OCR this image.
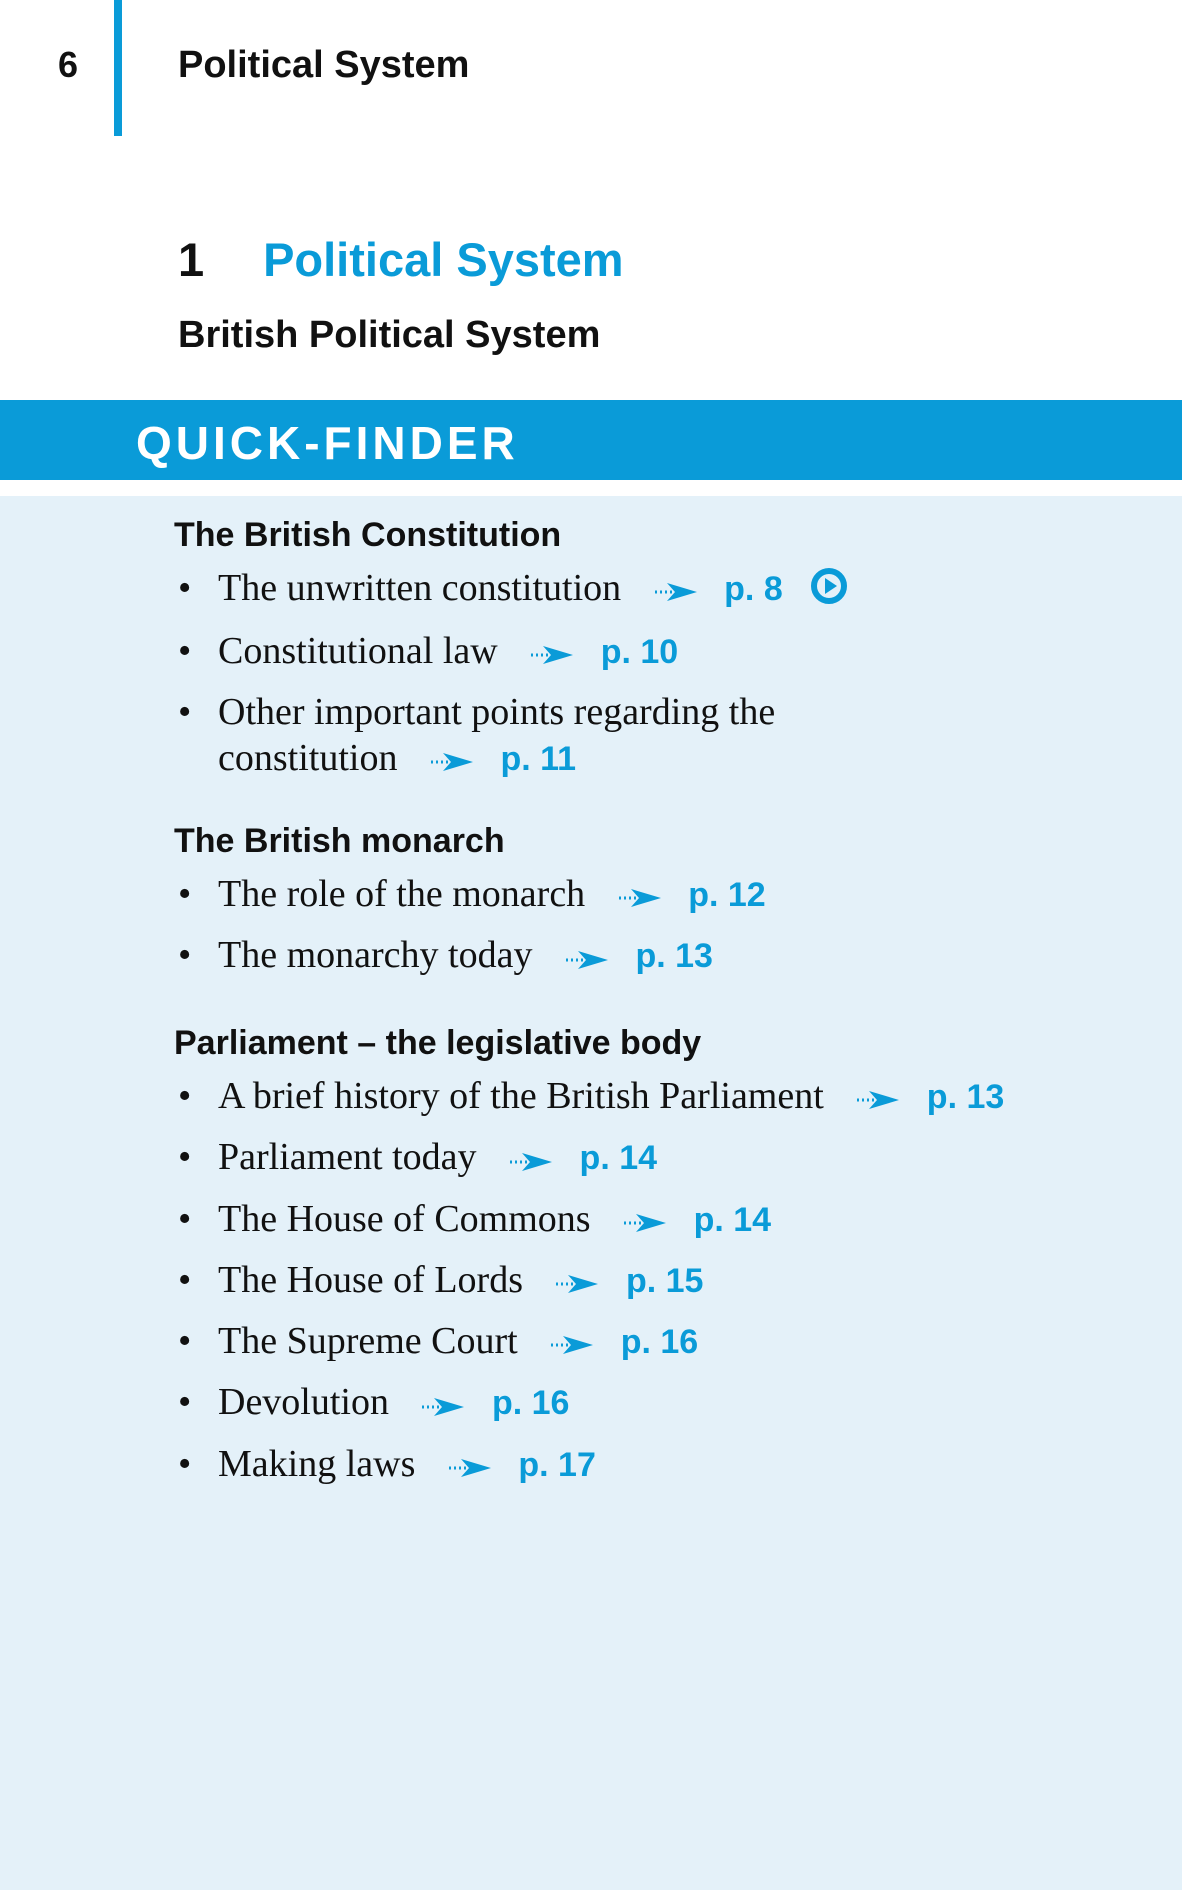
6	Political System
1 Political System
British Political System
QUICK-FINDER
The British Constitution
• The unwritten constitution	p. 8
• Constitutional law	p. 10
• Other important points regarding the
constitution	p. 11
The British monarch
• The role of the monarch	p. 12
• The monarchy today	p. 13
Parliament – the legislative body
• A brief history of the British Parliament	p. 13
• Parliament today	p. 14
• The House of Commons	p. 14
• The House of Lords	p. 15
• The Supreme Court	p. 16
• Devolution	p. 16
• Making laws	p. 17
